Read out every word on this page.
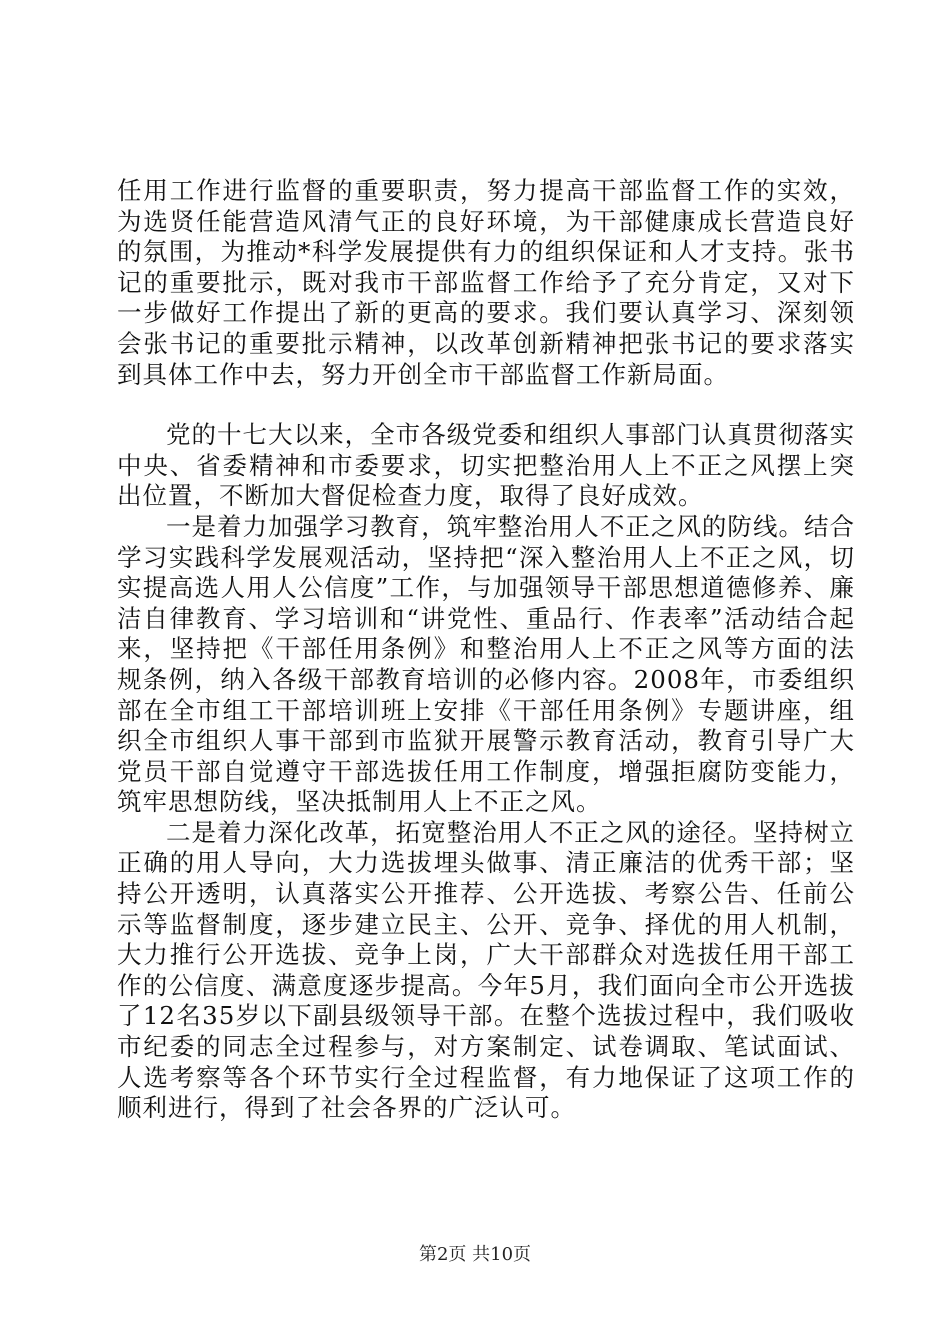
任用工作进行监督的重要职责，努力提高干部监督工作的实效，为选贤任能营造风清气正的良好环境，为干部健康成长营造良好的氛围，为推动*科学发展提供有力的组织保证和人才支持。张书记的重要批示，既对我市干部监督工作给予了充分肯定，又对下一步做好工作提出了新的更高的要求。我们要认真学习、深刻领会张书记的重要批示精神，以改革创新精神把张书记的要求落实到具体工作中去，努力开创全市干部监督工作新局面。

党的十七大以来，全市各级党委和组织人事部门认真贯彻落实中央、省委精神和市委要求，切实把整治用人上不正之风摆上突出位置，不断加大督促检查力度，取得了良好成效。

一是着力加强学习教育，筑牢整治用人不正之风的防线。结合学习实践科学发展观活动，坚持把“深入整治用人上不正之风，切实提高选人用人公信度”工作，与加强领导干部思想道德修养、廉洁自律教育、学习培训和“讲党性、重品行、作表率”活动结合起来，坚持把《干部任用条例》和整治用人上不正之风等方面的法规条例，纳入各级干部教育培训的必修内容。2008年，市委组织部在全市组工干部培训班上安排《干部任用条例》专题讲座，组织全市组织人事干部到市监狱开展警示教育活动，教育引导广大党员干部自觉遵守干部选拔任用工作制度，增强拒腐防变能力，筑牢思想防线，坚决抵制用人上不正之风。

二是着力深化改革，拓宽整治用人不正之风的途径。坚持树立正确的用人导向，大力选拔埋头做事、清正廉洁的优秀干部；坚持公开透明，认真落实公开推荐、公开选拔、考察公告、任前公示等监督制度，逐步建立民主、公开、竞争、择优的用人机制，大力推行公开选拔、竞争上岗，广大干部群众对选拔任用干部工作的公信度、满意度逐步提高。今年5月，我们面向全市公开选拔了12名35岁以下副县级领导干部。在整个选拔过程中，我们吸收市纪委的同志全过程参与，对方案制定、试卷调取、笔试面试、人选考察等各个环节实行全过程监督，有力地保证了这项工作的顺利进行，得到了社会各界的广泛认可。

第2页 共10页
